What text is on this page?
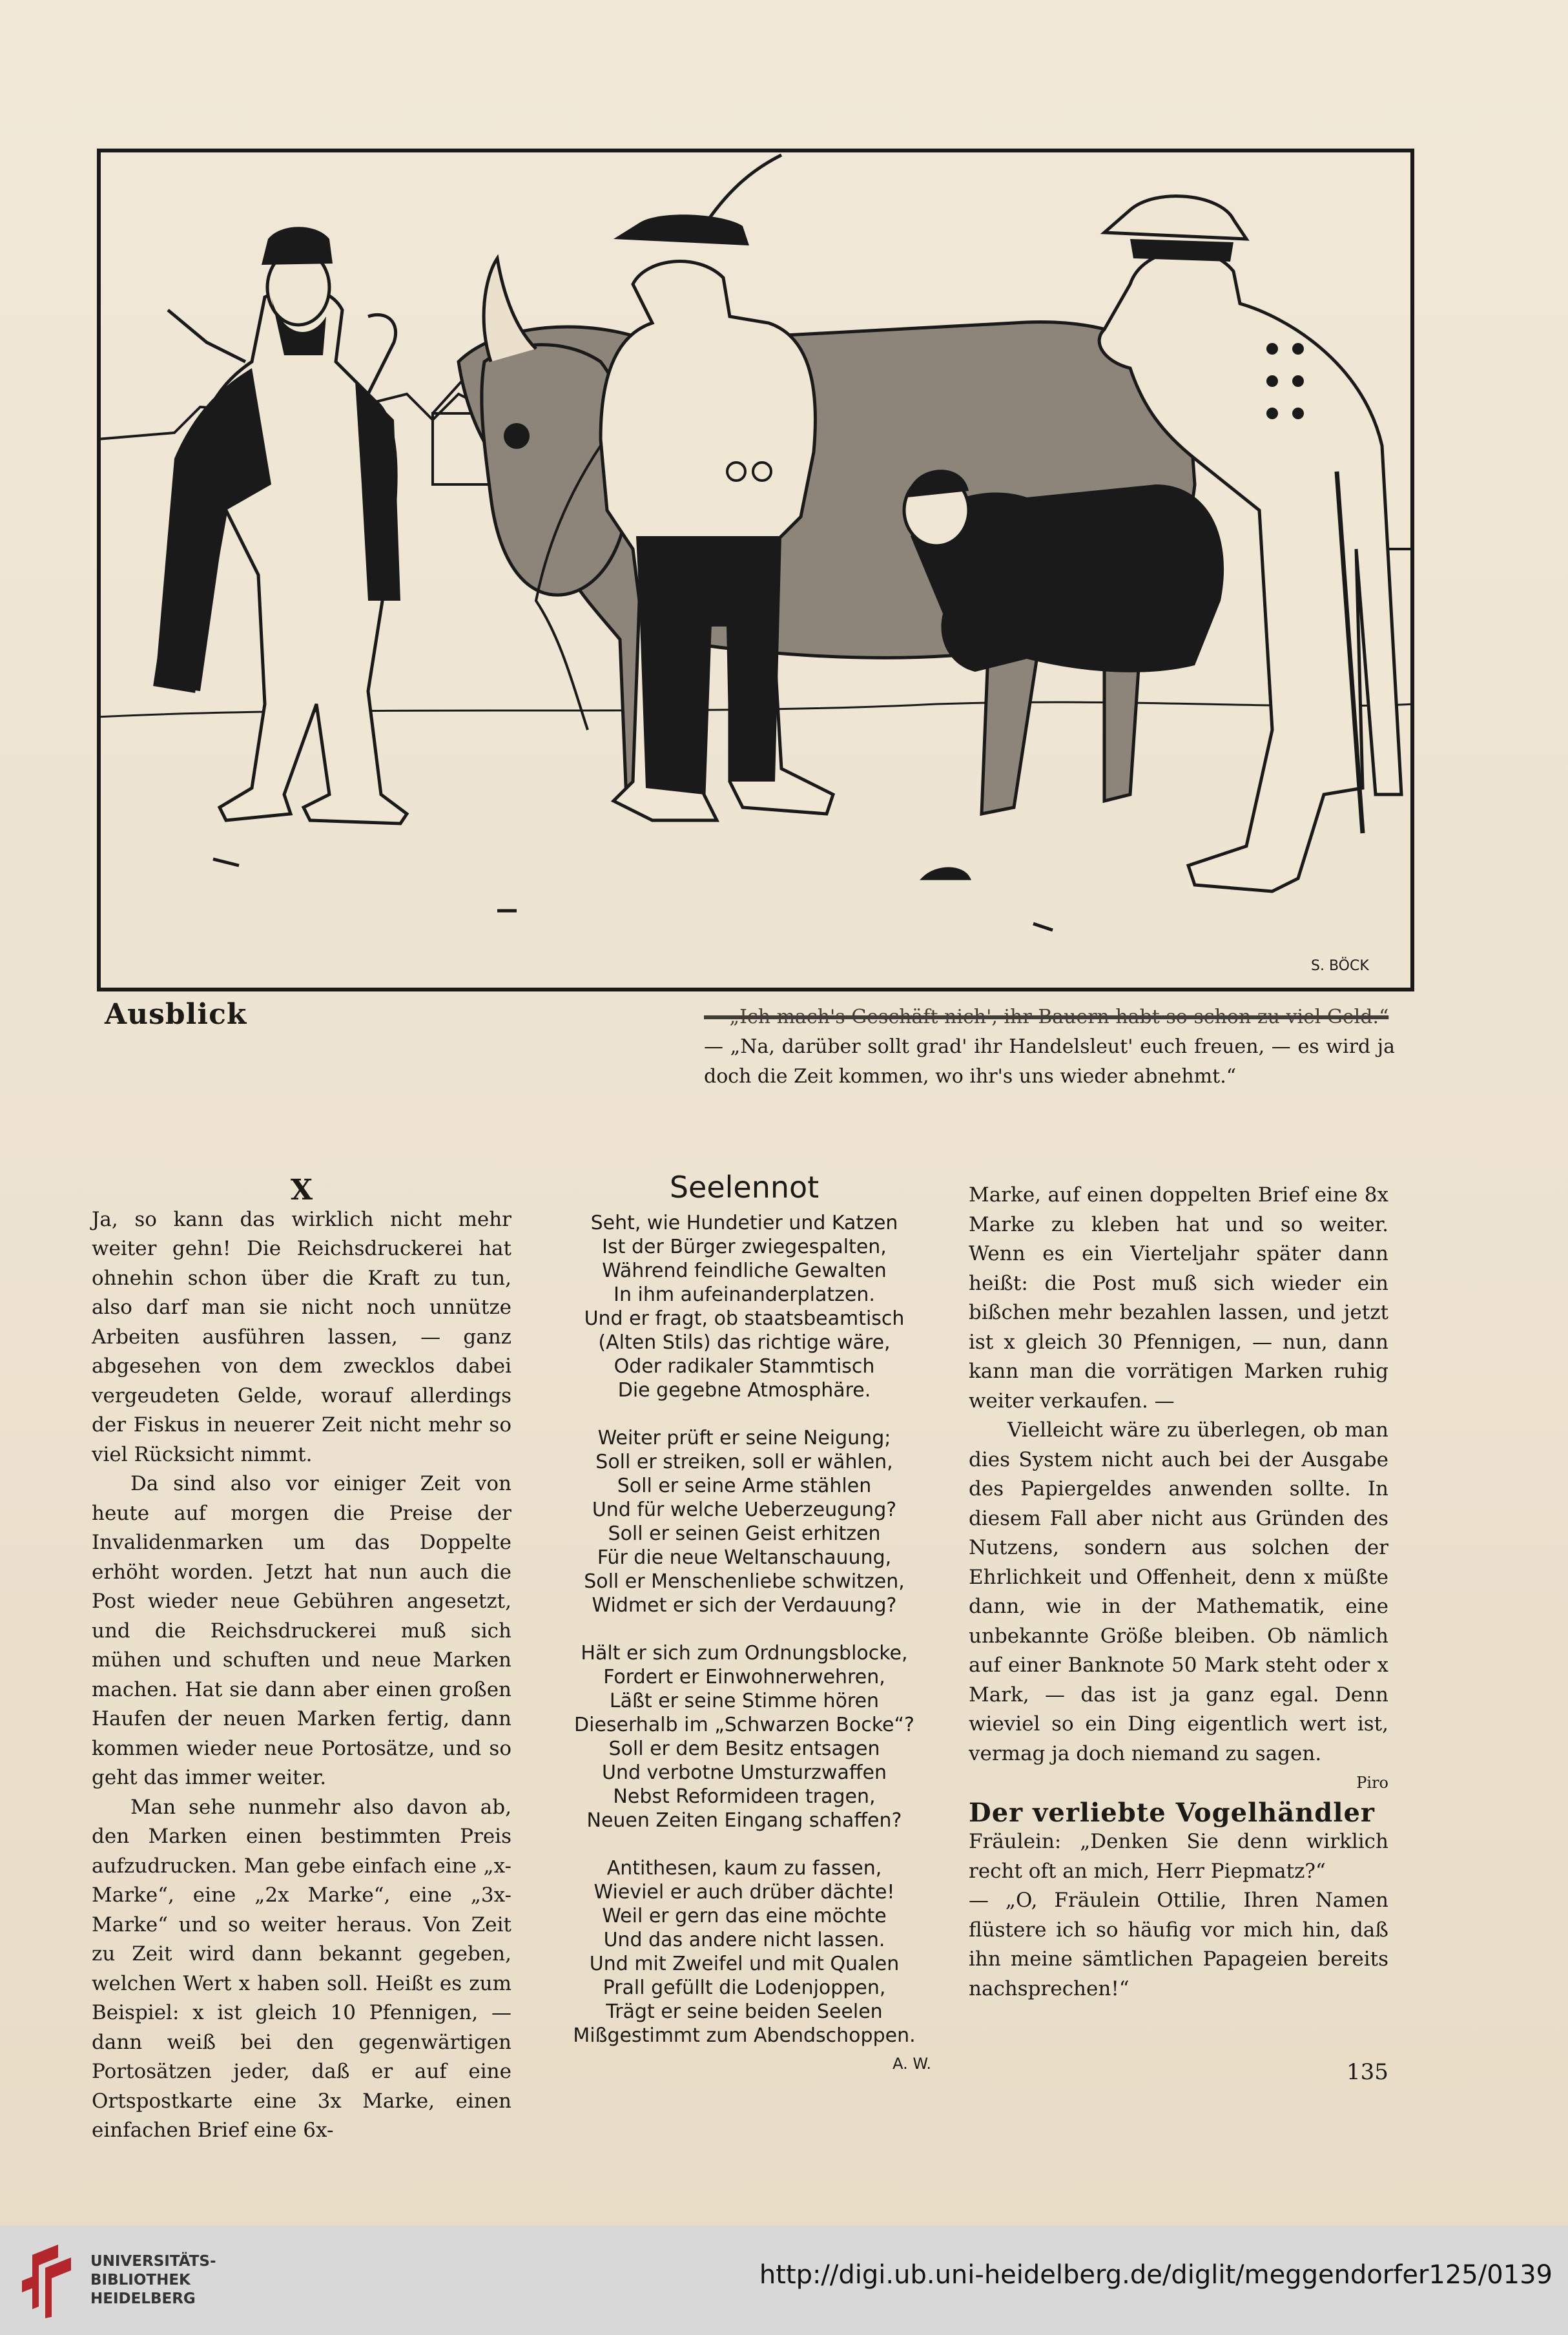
S. BÖCK
Ausblick	— „Ich mach's Geschäft nich', ihr Bauern habt so schon zu viel Geld.“

— „Na, darüber sollt grad' ihr Handelsleut' euch freuen, — es wird ja doch die Zeit kommen, wo ihr's uns wieder abnehmt.“

X

Ja, so kann das wirklich nicht mehr weiter gehn! Die Reichsdruckerei hat ohnehin schon über die Kraft zu tun, also darf man sie nicht noch unnütze Arbeiten ausführen lassen, — ganz abgesehen von dem zwecklos dabei vergeudeten Gelde, worauf allerdings der Fiskus in neuerer Zeit nicht mehr so viel Rücksicht nimmt.

Da sind also vor einiger Zeit von heute auf morgen die Preise der Invalidenmarken um das Doppelte erhöht worden. Jetzt hat nun auch die Post wieder neue Gebühren angesetzt, und die Reichsdruckerei muß sich mühen und schuften und neue Marken machen. Hat sie dann aber einen großen Haufen der neuen Marken fertig, dann kommen wieder neue Portosätze, und so geht das immer weiter.

Man sehe nunmehr also davon ab, den Marken einen bestimmten Preis aufzudrucken. Man gebe einfach eine „x-Marke“, eine „2x Marke“, eine „3x-Marke“ und so weiter heraus. Von Zeit zu Zeit wird dann bekannt gegeben, welchen Wert x haben soll. Heißt es zum Beispiel: x ist gleich 10 Pfennigen, — dann weiß bei den gegenwärtigen Portosätzen jeder, daß er auf eine Ortspostkarte eine 3x Marke, einen einfachen Brief eine 6x-

Seelennot
Seht, wie Hundetier und Katzen
Ist der Bürger zwiegespalten,
Während feindliche Gewalten
In ihm aufeinanderplatzen.
Und er fragt, ob staatsbeamtisch
(Alten Stils) das richtige wäre,
Oder radikaler Stammtisch
Die gegebne Atmosphäre.
Weiter prüft er seine Neigung;
Soll er streiken, soll er wählen,
Soll er seine Arme stählen
Und für welche Ueberzeugung?
Soll er seinen Geist erhitzen
Für die neue Weltanschauung,
Soll er Menschenliebe schwitzen,
Widmet er sich der Verdauung?
Hält er sich zum Ordnungsblocke,
Fordert er Einwohnerwehren,
Läßt er seine Stimme hören
Dieserhalb im „Schwarzen Bocke“?
Soll er dem Besitz entsagen
Und verbotne Umsturzwaffen
Nebst Reformideen tragen,
Neuen Zeiten Eingang schaffen?
Antithesen, kaum zu fassen,
Wieviel er auch drüber dächte!
Weil er gern das eine möchte
Und das andere nicht lassen.
Und mit Zweifel und mit Qualen
Prall gefüllt die Lodenjoppen,
Trägt er seine beiden Seelen
Mißgestimmt zum Abendschoppen.
A. W.

Marke, auf einen doppelten Brief eine 8x Marke zu kleben hat und so weiter. Wenn es ein Vierteljahr später dann heißt: die Post muß sich wieder ein bißchen mehr bezahlen lassen, und jetzt ist x gleich 30 Pfennigen, — nun, dann kann man die vorrätigen Marken ruhig weiter verkaufen. —

Vielleicht wäre zu überlegen, ob man dies System nicht auch bei der Ausgabe des Papiergeldes anwenden sollte. In diesem Fall aber nicht aus Gründen des Nutzens, sondern aus solchen der Ehrlichkeit und Offenheit, denn x müßte dann, wie in der Mathematik, eine unbekannte Größe bleiben. Ob nämlich auf einer Banknote 50 Mark steht oder x Mark, — das ist ja ganz egal. Denn wieviel so ein Ding eigentlich wert ist, vermag ja doch niemand zu sagen.

Piro

Der verliebte Vogelhändler

Fräulein: „Denken Sie denn wirklich recht oft an mich, Herr Piepmatz?“

— „O, Fräulein Ottilie, Ihren Namen flüstere ich so häufig vor mich hin, daß ihn meine sämtlichen Papageien bereits nachsprechen!“

135
UNIVERSITÄTS-
BIBLIOTHEK
HEIDELBERG
http://digi.ub.uni-heidelberg.de/diglit/meggendorfer125/0139
